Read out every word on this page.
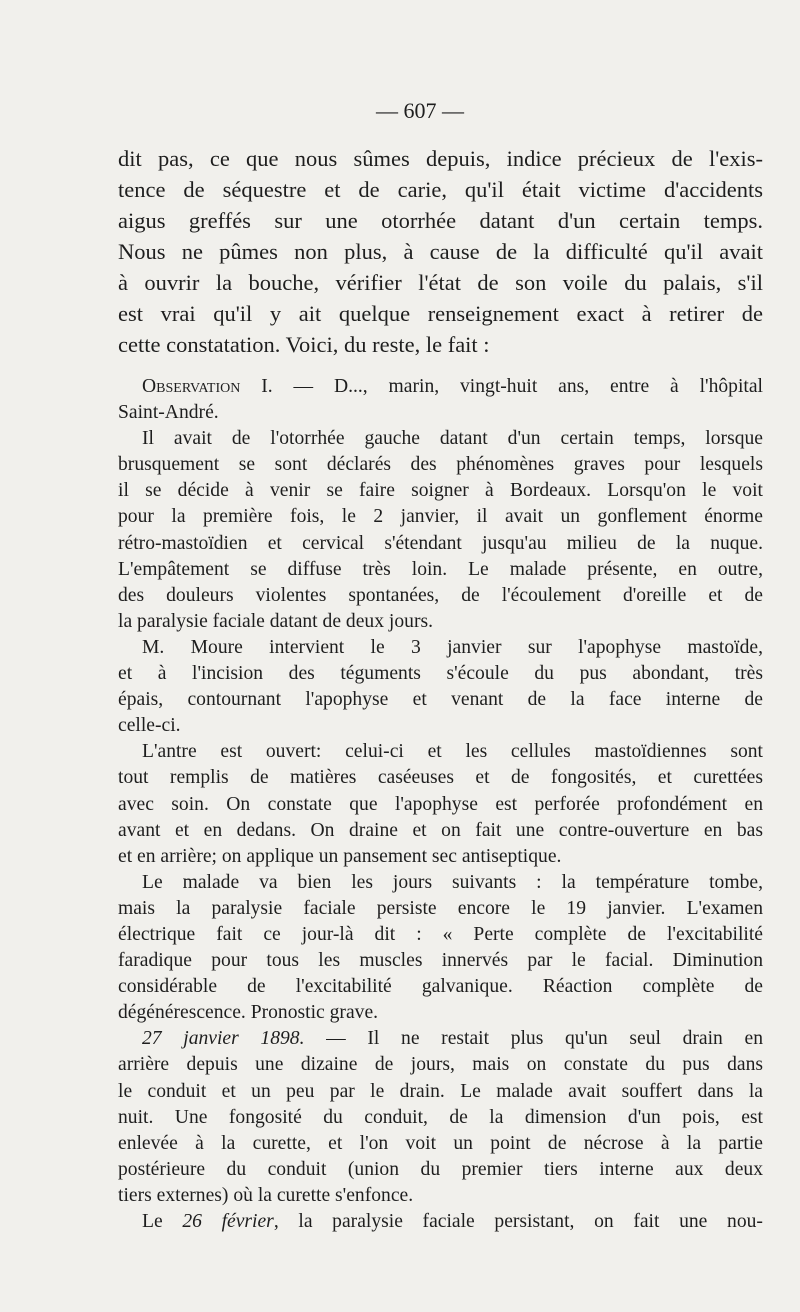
— 607 —
dit pas, ce que nous sûmes depuis, indice précieux de l'exis-
tence de séquestre et de carie, qu'il était victime d'accidents
aigus greffés sur une otorrhée datant d'un certain temps.
Nous ne pûmes non plus, à cause de la difficulté qu'il avait
à ouvrir la bouche, vérifier l'état de son voile du palais, s'il
est vrai qu'il y ait quelque renseignement exact à retirer de
cette constatation. Voici, du reste, le fait :
Observation I. — D..., marin, vingt-huit ans, entre à l'hôpital
Saint-André.
Il avait de l'otorrhée gauche datant d'un certain temps, lorsque
brusquement se sont déclarés des phénomènes graves pour lesquels
il se décide à venir se faire soigner à Bordeaux. Lorsqu'on le voit
pour la première fois, le 2 janvier, il avait un gonflement énorme
rétro-mastoïdien et cervical s'étendant jusqu'au milieu de la nuque.
L'empâtement se diffuse très loin. Le malade présente, en outre,
des douleurs violentes spontanées, de l'écoulement d'oreille et de
la paralysie faciale datant de deux jours.
M. Moure intervient le 3 janvier sur l'apophyse mastoïde,
et à l'incision des téguments s'écoule du pus abondant, très
épais, contournant l'apophyse et venant de la face interne de
celle-ci.
L'antre est ouvert: celui-ci et les cellules mastoïdiennes sont
tout remplis de matières caséeuses et de fongosités, et curettées
avec soin. On constate que l'apophyse est perforée profondément en
avant et en dedans. On draine et on fait une contre-ouverture en bas
et en arrière; on applique un pansement sec antiseptique.
Le malade va bien les jours suivants : la température tombe,
mais la paralysie faciale persiste encore le 19 janvier. L'examen
électrique fait ce jour-là dit : « Perte complète de l'excitabilité
faradique pour tous les muscles innervés par le facial. Diminution
considérable de l'excitabilité galvanique. Réaction complète de
dégénérescence. Pronostic grave.
27 janvier 1898. — Il ne restait plus qu'un seul drain en
arrière depuis une dizaine de jours, mais on constate du pus dans
le conduit et un peu par le drain. Le malade avait souffert dans la
nuit. Une fongosité du conduit, de la dimension d'un pois, est
enlevée à la curette, et l'on voit un point de nécrose à la partie
postérieure du conduit (union du premier tiers interne aux deux
tiers externes) où la curette s'enfonce.
Le 26 février, la paralysie faciale persistant, on fait une nou-
